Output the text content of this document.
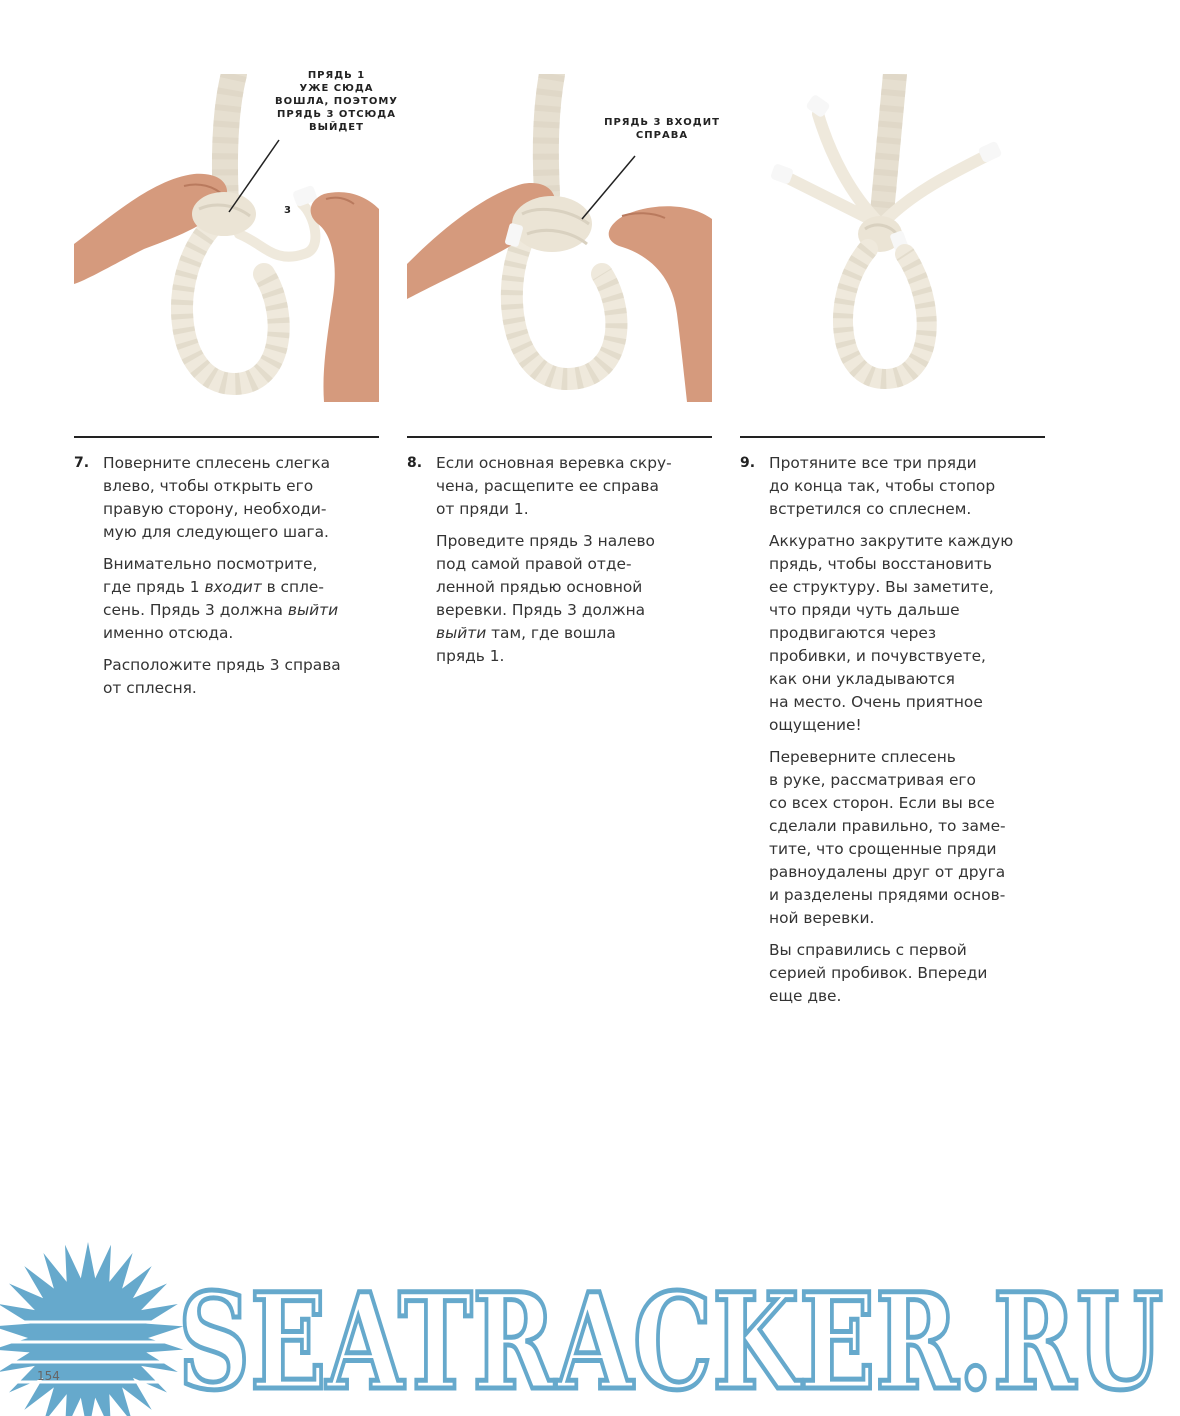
ПРЯДЬ 1
УЖЕ СЮДА
ВОШЛА, ПОЭТОМУ
ПРЯДЬ 3 ОТСЮДА
ВЫЙДЕТ
3
7. Поверните сплесень слегка
влево, чтобы открыть его
правую сторону, необходи-
мую для следующего шага.

Внимательно посмотрите,
где прядь 1 входит в спле-
сень. Прядь 3 должна выйти
именно отсюда.

Расположите прядь 3 справа
от сплесня.

ПРЯДЬ 3 ВХОДИТ
СПРАВА
8. Если основная веревка скру-
чена, расщепите ее справа
от пряди 1.

Проведите прядь 3 налево
под самой правой отде-
ленной прядью основной
веревки. Прядь 3 должна
выйти там, где вошла
прядь 1.

9. Протяните все три пряди
до конца так, чтобы стопор
встретился со сплеснем.

Аккуратно закрутите каждую
прядь, чтобы восстановить
ее структуру. Вы заметите,
что пряди чуть дальше
продвигаются через
пробивки, и почувствуете,
как они укладываются
на место. Очень приятное
ощущение!

Переверните сплесень
в руке, рассматривая его
со всех сторон. Если вы все
сделали правильно, то заме-
тите, что срощенные пряди
равноудалены друг от друга
и разделены прядями основ-
ной веревки.

Вы справились с первой
серией пробивок. Впереди
еще две.

SEATRACKER.RU
154
